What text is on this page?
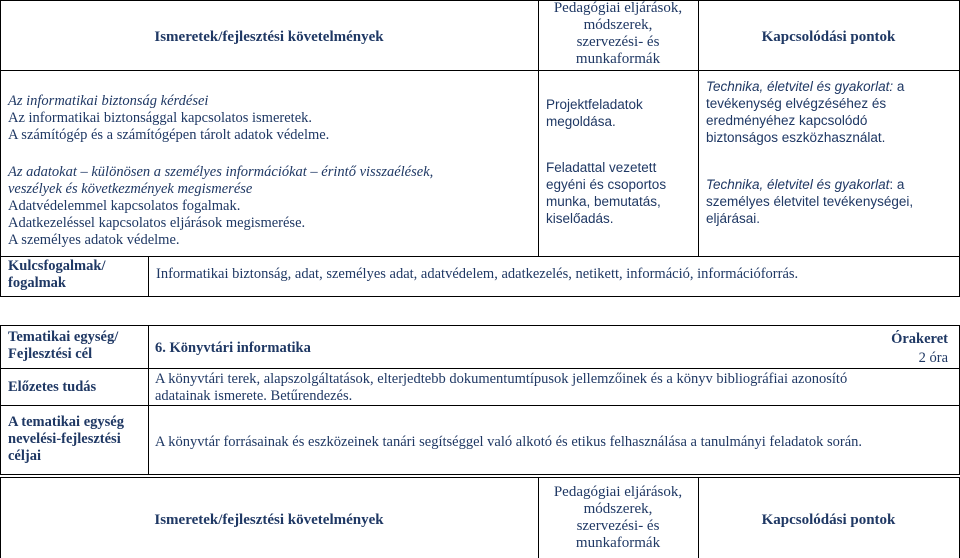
Ismeretek/fejlesztési követelmények
Pedagógiai eljárások,
módszerek,
szervezési- és
munkaformák
Kapcsolódási pontok
Az informatikai biztonság kérdései
Az informatikai biztonsággal kapcsolatos ismeretek.
A számítógép és a számítógépen tárolt adatok védelme.
Az adatokat – különösen a személyes információkat – érintő visszaélések,
veszélyek és következmények megismerése
Adatvédelemmel kapcsolatos fogalmak.
Adatkezeléssel kapcsolatos eljárások megismerése.
A személyes adatok védelme.
Projektfeladatok
megoldása.
Feladattal vezetett
egyéni és csoportos
munka, bemutatás,
kiselőadás.
Technika, életvitel és gyakorlat: a
tevékenység elvégzéséhez és
eredményéhez kapcsolódó
biztonságos eszközhasználat.
Technika, életvitel és gyakorlat: a
személyes életvitel tevékenységei,
eljárásai.
Kulcsfogalmak/
fogalmak
Informatikai biztonság, adat, személyes adat, adatvédelem, adatkezelés, netikett, információ, információforrás.
Tematikai egység/
Fejlesztési cél	6. Könyvtári informatika
Órakeret
2 óra
Előzetes tudás	A könyvtári terek, alapszolgáltatások, elterjedtebb dokumentumtípusok jellemzőinek és a könyv bibliográfiai azonosító
adatainak ismerete. Betűrendezés.
A tematikai egység
nevelési-fejlesztési
céljai
A könyvtár forrásainak és eszközeinek tanári segítséggel való alkotó és etikus felhasználása a tanulmányi feladatok során.
Ismeretek/fejlesztési követelmények
Pedagógiai eljárások,
módszerek,
szervezési- és
munkaformák
Kapcsolódási pontok
